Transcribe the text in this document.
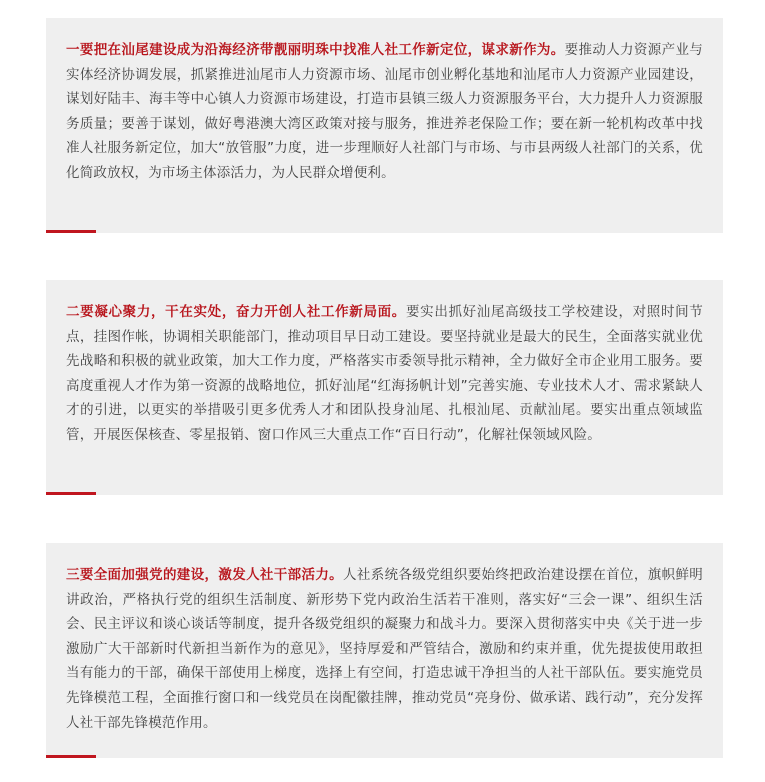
一要把在汕尾建设成为沿海经济带靓丽明珠中找准人社工作新定位，谋求新作为。要推动人力资源产业与实体经济协调发展，抓紧推进汕尾市人力资源市场、汕尾市创业孵化基地和汕尾市人力资源产业园建设，谋划好陆丰、海丰等中心镇人力资源市场建设，打造市县镇三级人力资源服务平台，大力提升人力资源服务质量；要善于谋划，做好粤港澳大湾区政策对接与服务，推进养老保险工作；要在新一轮机构改革中找准人社服务新定位，加大“放管服”力度，进一步理顺好人社部门与市场、与市县两级人社部门的关系，优化简政放权，为市场主体添活力，为人民群众增便利。

二要凝心聚力，干在实处，奋力开创人社工作新局面。要实出抓好汕尾高级技工学校建设，对照时间节点，挂图作帐，协调相关职能部门，推动项目早日动工建设。要坚持就业是最大的民生，全面落实就业优先战略和积极的就业政策，加大工作力度，严格落实市委领导批示精神，全力做好全市企业用工服务。要高度重视人才作为第一资源的战略地位，抓好汕尾“红海扬帆计划”完善实施、专业技术人才、需求紧缺人才的引进，以更实的举措吸引更多优秀人才和团队投身汕尾、扎根汕尾、贡献汕尾。要实出重点领域监管，开展医保核查、零星报销、窗口作风三大重点工作“百日行动”，化解社保领域风险。

三要全面加强党的建设，激发人社干部活力。人社系统各级党组织要始终把政治建设摆在首位，旗帜鲜明讲政治，严格执行党的组织生活制度、新形势下党内政治生活若干准则，落实好“三会一课”、组织生活会、民主评议和谈心谈话等制度，提升各级党组织的凝聚力和战斗力。要深入贯彻落实中央《关于进一步激励广大干部新时代新担当新作为的意见》，坚持厚爱和严管结合，激励和约束并重，优先提拔使用敢担当有能力的干部，确保干部使用上梯度，选择上有空间，打造忠诚干净担当的人社干部队伍。要实施党员先锋模范工程，全面推行窗口和一线党员在岗配徽挂牌，推动党员“亮身份、做承诺、践行动”，充分发挥人社干部先锋模范作用。
